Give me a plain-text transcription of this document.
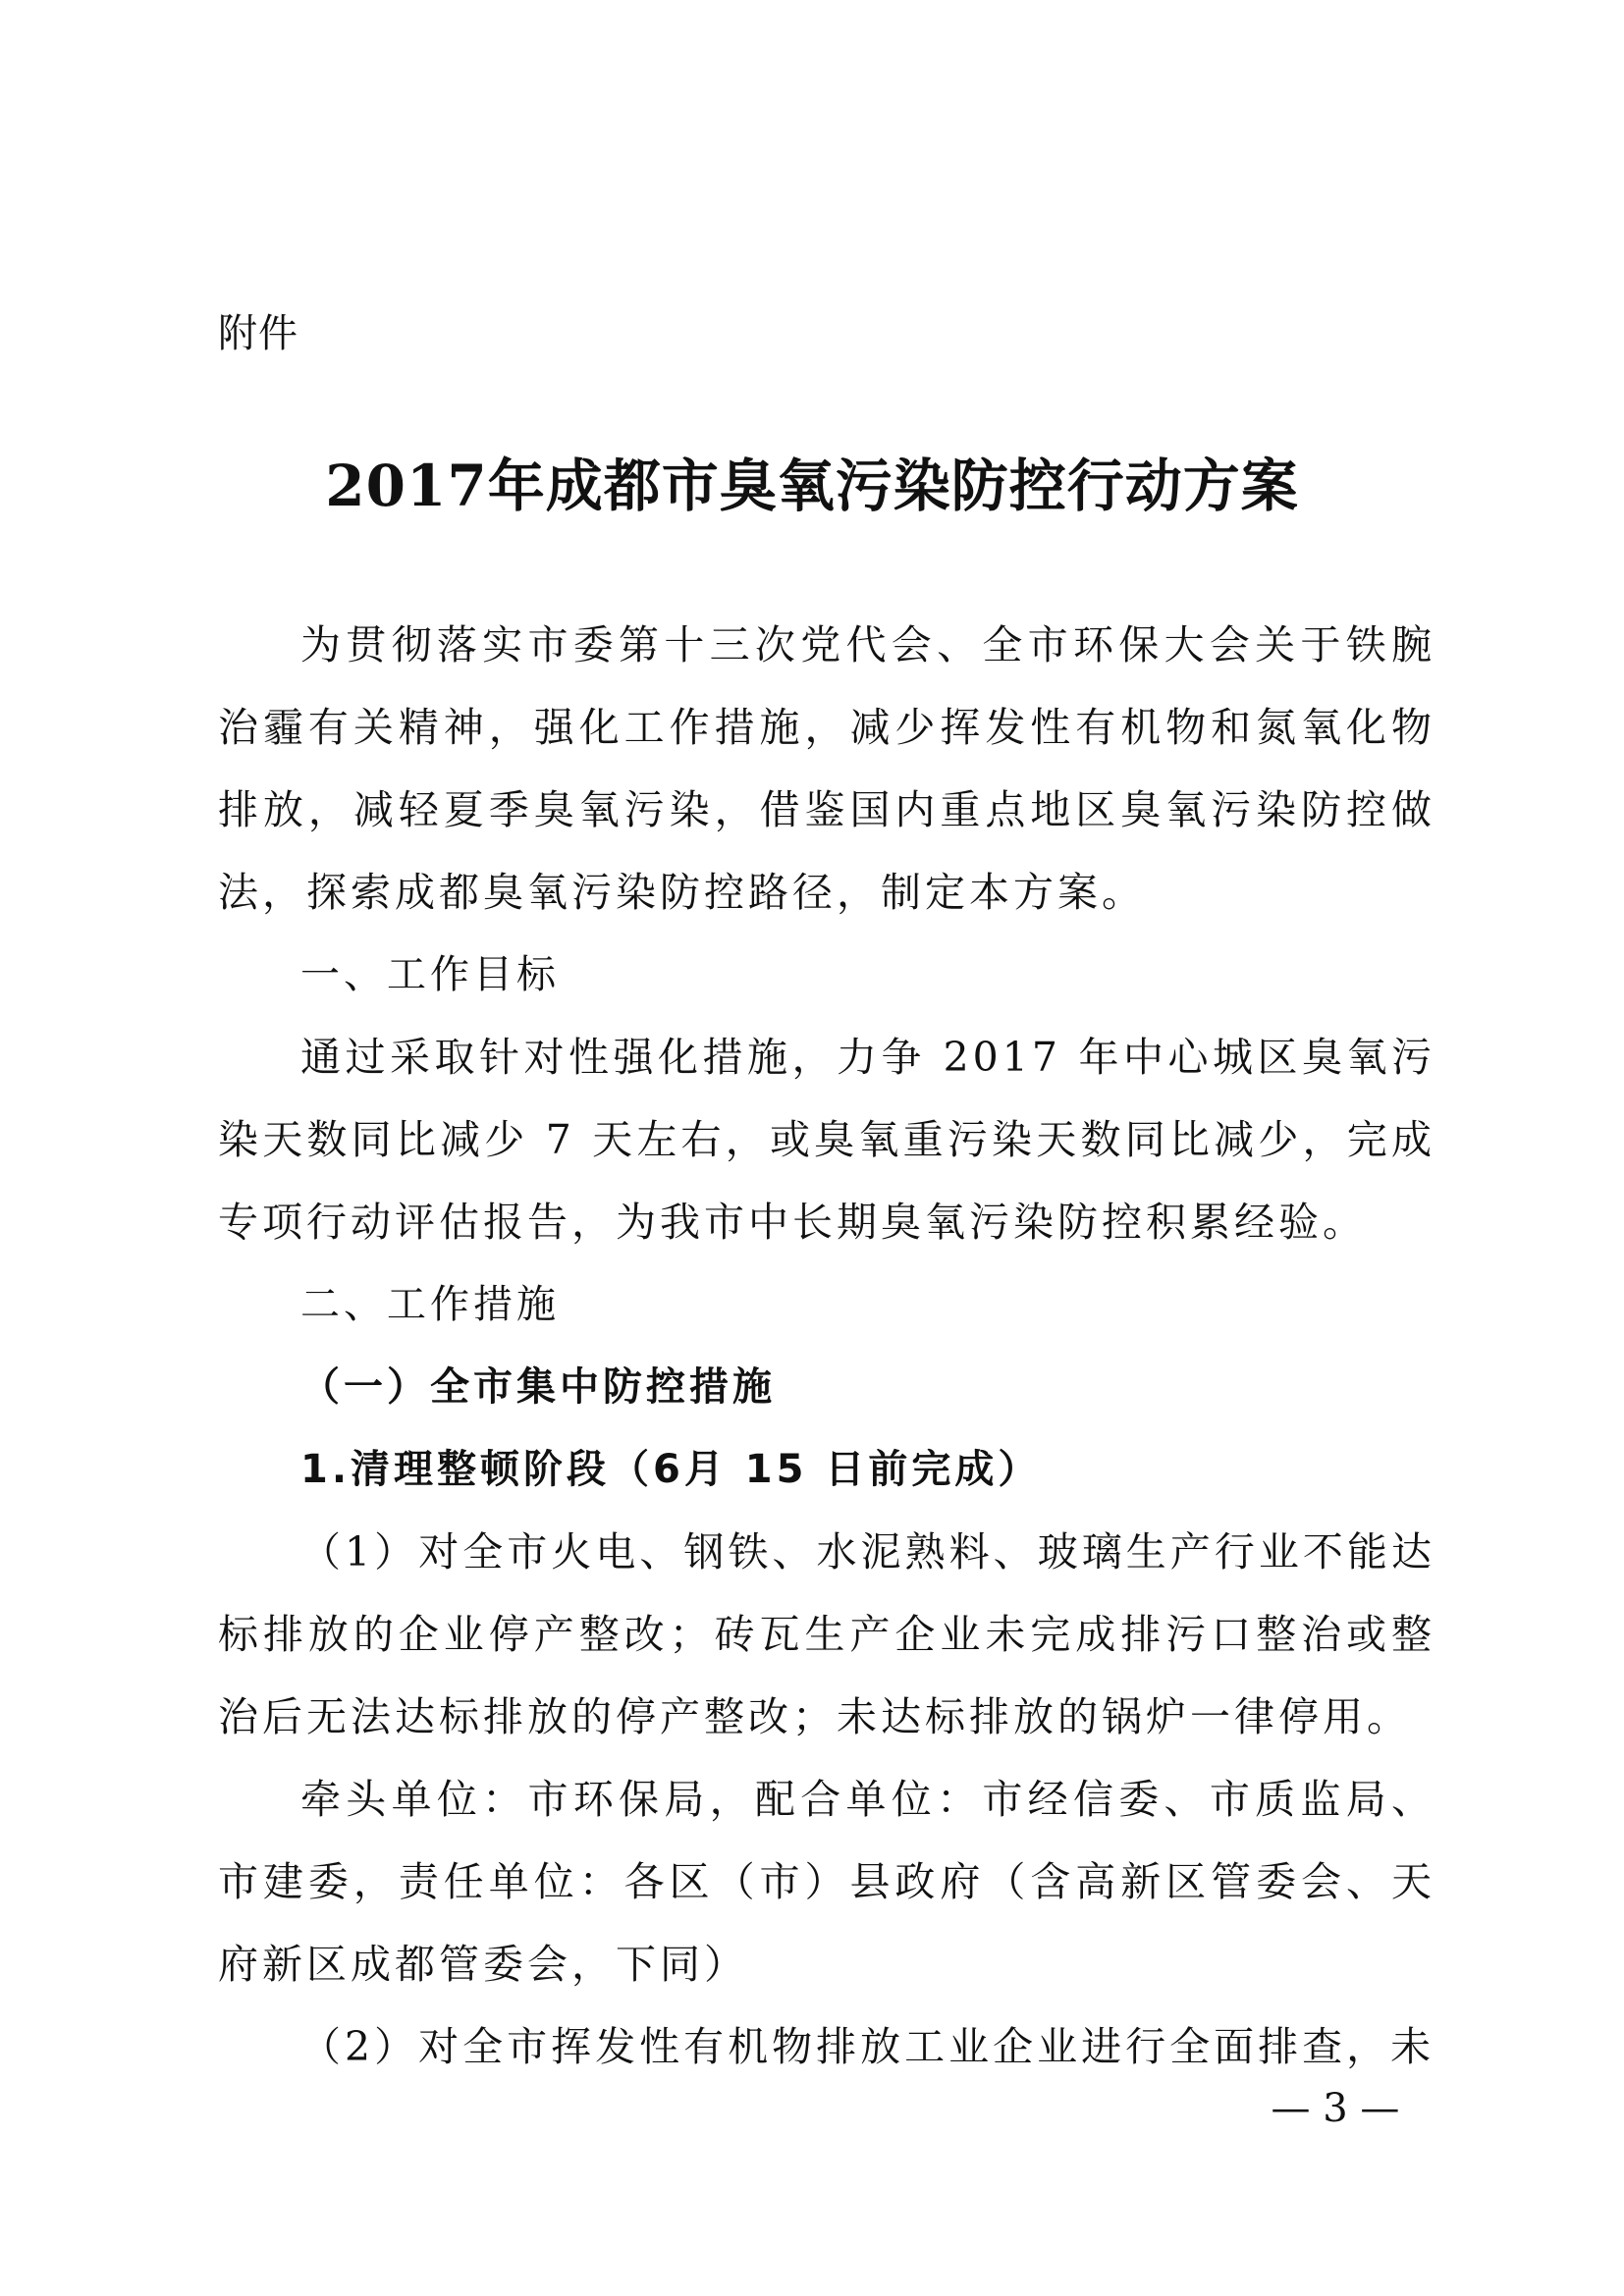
附件
2017年成都市臭氧污染防控行动方案

为贯彻落实市委第十三次党代会、全市环保大会关于铁腕治霾有关精神，强化工作措施，减少挥发性有机物和氮氧化物排放，减轻夏季臭氧污染，借鉴国内重点地区臭氧污染防控做法，探索成都臭氧污染防控路径，制定本方案。

一、工作目标

通过采取针对性强化措施，力争 2017 年中心城区臭氧污染天数同比减少 7 天左右，或臭氧重污染天数同比减少，完成专项行动评估报告，为我市中长期臭氧污染防控积累经验。

二、工作措施

（一）全市集中防控措施

1.清理整顿阶段（6月 15 日前完成）

（1）对全市火电、钢铁、水泥熟料、玻璃生产行业不能达标排放的企业停产整改；砖瓦生产企业未完成排污口整治或整治后无法达标排放的停产整改；未达标排放的锅炉一律停用。

牵头单位：市环保局，配合单位：市经信委、市质监局、市建委，责任单位：各区（市）县政府（含高新区管委会、天府新区成都管委会，下同）

（2）对全市挥发性有机物排放工业企业进行全面排查，未

— 3 —
